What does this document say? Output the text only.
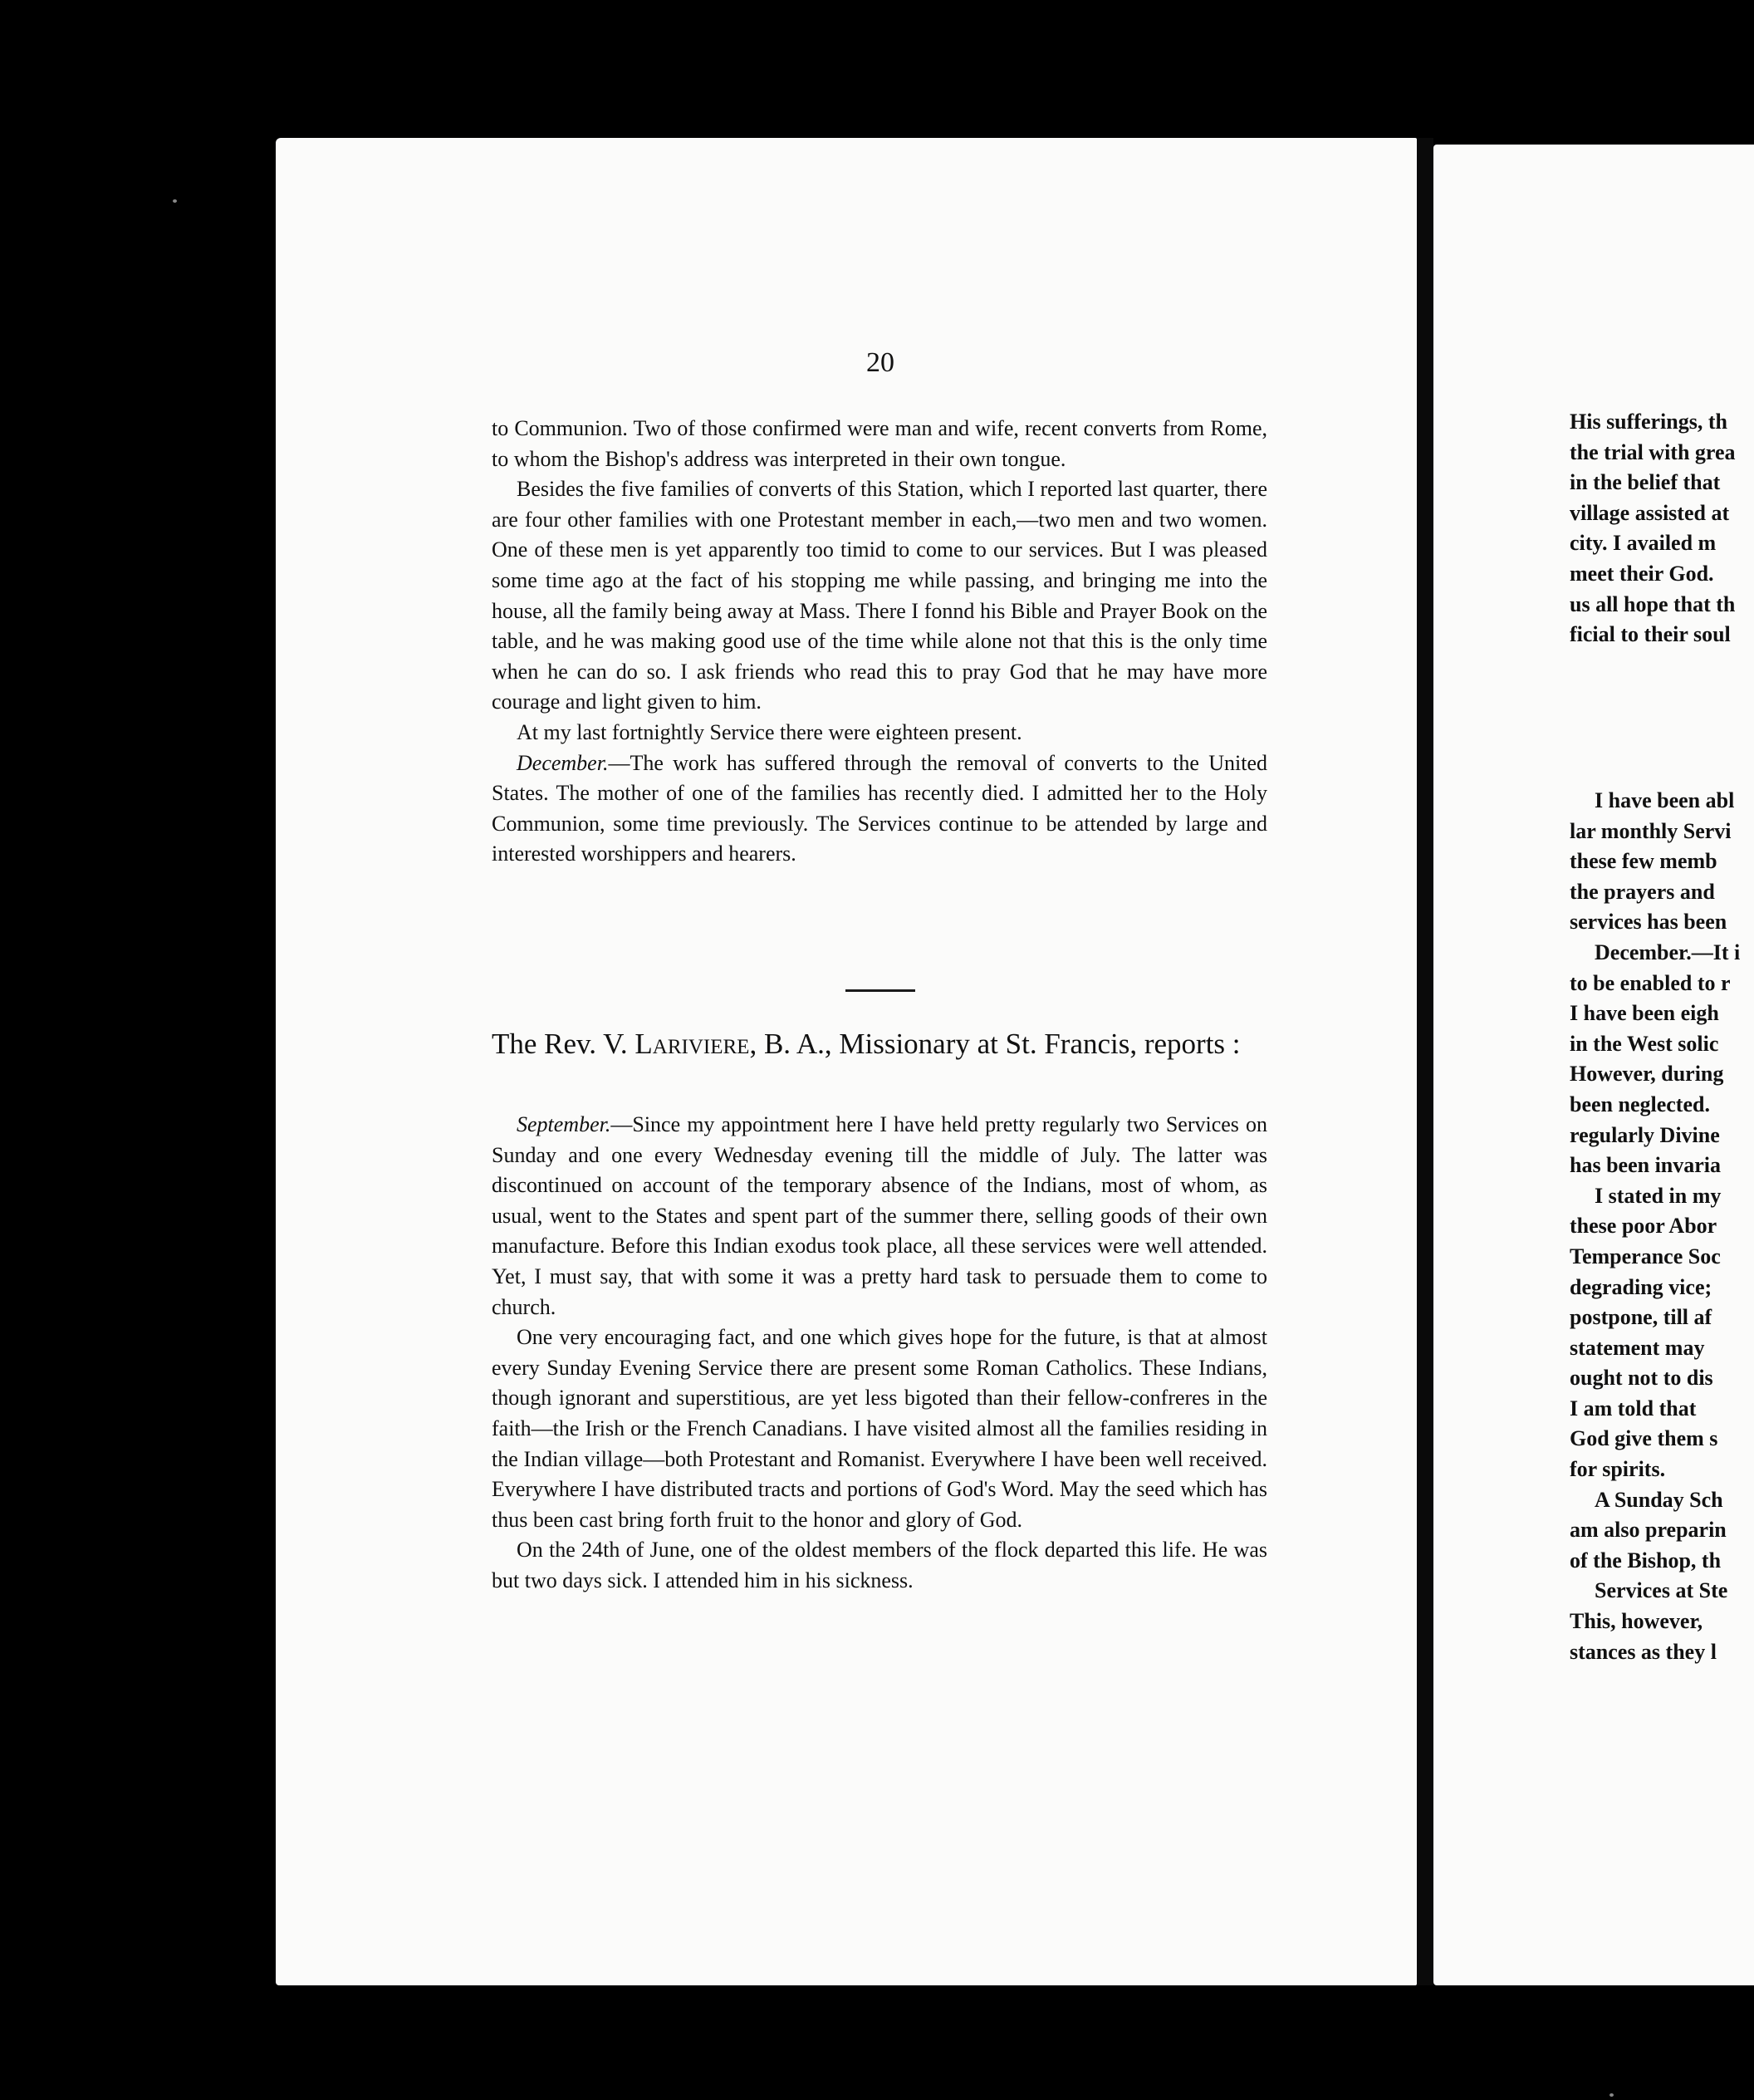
20

to Communion. Two of those confirmed were man and wife, recent converts from Rome, to whom the Bishop's address was interpreted in their own tongue.

Besides the five families of converts of this Station, which I reported last quarter, there are four other families with one Protestant member in each,—two men and two women. One of these men is yet apparently too timid to come to our services. But I was pleased some time ago at the fact of his stopping me while passing, and bringing me into the house, all the family being away at Mass. There I fonnd his Bible and Prayer Book on the table, and he was making good use of the time while alone not that this is the only time when he can do so. I ask friends who read this to pray God that he may have more courage and light given to him.

At my last fortnightly Service there were eighteen present.

December.—The work has suffered through the removal of converts to the United States. The mother of one of the families has recently died. I admitted her to the Holy Communion, some time previously. The Services continue to be attended by large and interested worshippers and hearers.

The Rev. V. Lariviere, B. A., Missionary at St. Francis, reports :

September.—Since my appointment here I have held pretty regularly two Services on Sunday and one every Wednesday evening till the middle of July. The latter was discontinued on account of the temporary absence of the Indians, most of whom, as usual, went to the States and spent part of the summer there, selling goods of their own manufacture. Before this Indian exodus took place, all these services were well attended. Yet, I must say, that with some it was a pretty hard task to persuade them to come to church.

One very encouraging fact, and one which gives hope for the future, is that at almost every Sunday Evening Service there are present some Roman Catholics. These Indians, though ignorant and superstitious, are yet less bigoted than their fellow-confreres in the faith—the Irish or the French Canadians. I have visited almost all the families residing in the Indian village—both Protestant and Romanist. Everywhere I have been well received. Everywhere I have distributed tracts and portions of God's Word. May the seed which has thus been cast bring forth fruit to the honor and glory of God.

On the 24th of June, one of the oldest members of the flock departed this life. He was but two days sick. I attended him in his sickness.

His sufferings, th
the trial with grea
in the belief that
village assisted at
city. I availed m
meet their God.
us all hope that th
ficial to their soul
I have been abl
lar monthly Servi
these few memb
the prayers and
services has been
December.—It i
to be enabled to r
I have been eigh
in the West solic
However, during
been neglected.
regularly Divine
has been invaria
I stated in my
these poor Abor
Temperance Soc
degrading vice;
postpone, till af
statement may
ought not to dis
I am told that
God give them s
for spirits.
A Sunday Sch
am also preparin
of the Bishop, th
Services at Ste
This, however,
stances as they l
